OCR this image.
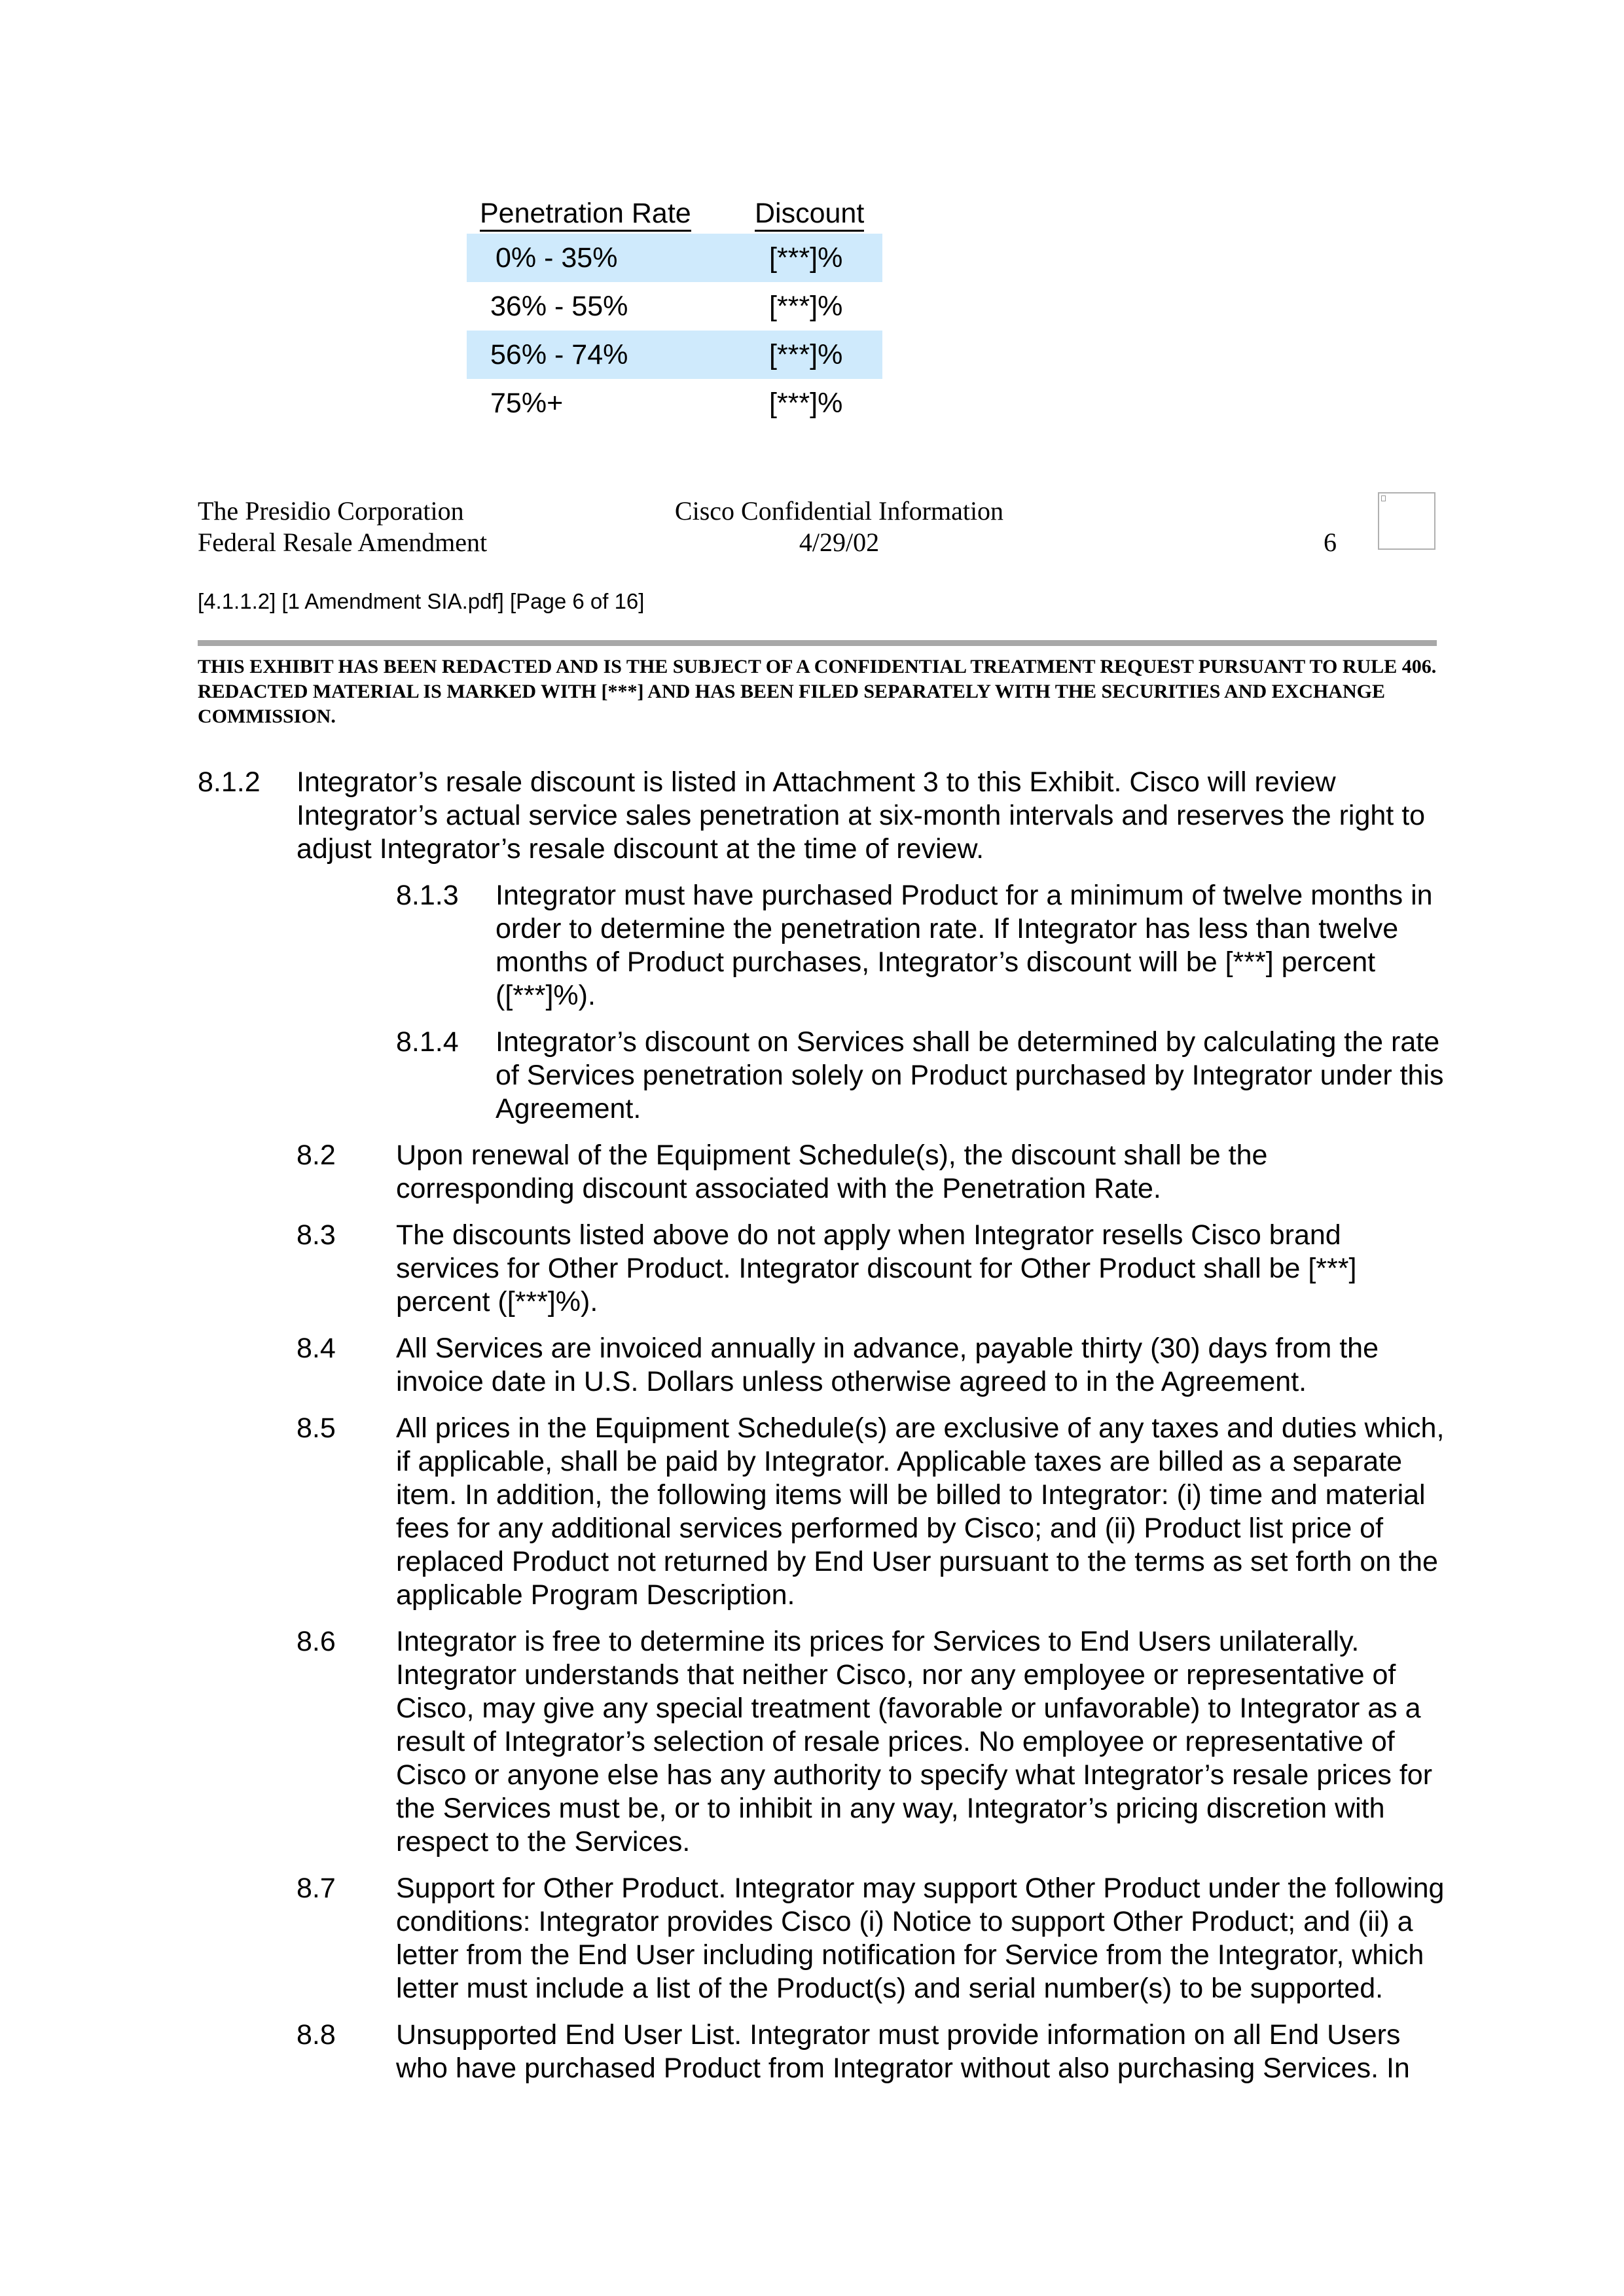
Penetration Rate Discount
0% - 35%	[***]%
36% - 55%	[***]%
56% - 74%	[***]%
75%+	[***]%
The Presidio Corporation
Federal Resale Amendment
Cisco Confidential Information
4/29/02	6
[4.1.1.2] [1 Amendment SIA.pdf] [Page 6 of 16]
THIS EXHIBIT HAS BEEN REDACTED AND IS THE SUBJECT OF A CONFIDENTIAL TREATMENT REQUEST PURSUANT TO RULE 406. REDACTED MATERIAL IS MARKED WITH [***] AND HAS BEEN FILED SEPARATELY WITH THE SECURITIES AND EXCHANGE COMMISSION.
8.1.2 Integrator’s resale discount is listed in Attachment 3 to this Exhibit. Cisco will review Integrator’s actual service sales penetration at six-month intervals and reserves the right to adjust Integrator’s resale discount at the time of review.
8.1.3 Integrator must have purchased Product for a minimum of twelve months in order to determine the penetration rate. If Integrator has less than twelve months of Product purchases, Integrator’s discount will be [***] percent ([***]%).
8.1.4 Integrator’s discount on Services shall be determined by calculating the rate of Services penetration solely on Product purchased by Integrator under this Agreement.
8.2 Upon renewal of the Equipment Schedule(s), the discount shall be the corresponding discount associated with the Penetration Rate.
8.3 The discounts listed above do not apply when Integrator resells Cisco brand services for Other Product. Integrator discount for Other Product shall be [***] percent ([***]%).
8.4 All Services are invoiced annually in advance, payable thirty (30) days from the invoice date in U.S. Dollars unless otherwise agreed to in the Agreement.
8.5 All prices in the Equipment Schedule(s) are exclusive of any taxes and duties which, if applicable, shall be paid by Integrator. Applicable taxes are billed as a separate item. In addition, the following items will be billed to Integrator: (i) time and material fees for any additional services performed by Cisco; and (ii) Product list price of replaced Product not returned by End User pursuant to the terms as set forth on the applicable Program Description.
8.6 Integrator is free to determine its prices for Services to End Users unilaterally. Integrator understands that neither Cisco, nor any employee or representative of Cisco, may give any special treatment (favorable or unfavorable) to Integrator as a result of Integrator’s selection of resale prices. No employee or representative of Cisco or anyone else has any authority to specify what Integrator’s resale prices for the Services must be, or to inhibit in any way, Integrator’s pricing discretion with respect to the Services.
8.7 Support for Other Product. Integrator may support Other Product under the following conditions: Integrator provides Cisco (i) Notice to support Other Product; and (ii) a letter from the End User including notification for Service from the Integrator, which letter must include a list of the Product(s) and serial number(s) to be supported.
8.8 Unsupported End User List. Integrator must provide information on all End Users who have purchased Product from Integrator without also purchasing Services. In
